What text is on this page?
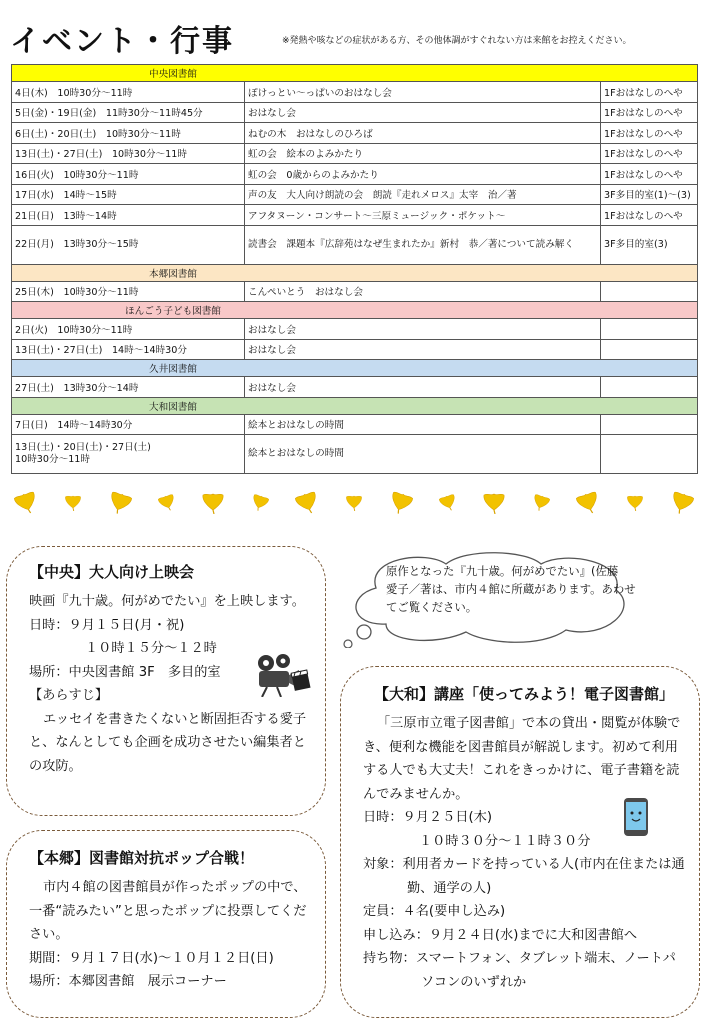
イベント・行事	※発熱や咳などの症状がある方、その他体調がすぐれない方は来館をお控えください。
中央図書館		
4日(木)　10時30分～11時	ぽけっとい～っぱいのおはなし会	1Fおはなしのへや
5日(金)・19日(金)　11時30分～11時45分	おはなし会	1Fおはなしのへや
6日(土)・20日(土)　10時30分～11時	ねむの木　おはなしのひろば	1Fおはなしのへや
13日(土)・27日(土)　10時30分～11時	虹の会　絵本のよみかたり	1Fおはなしのへや
16日(火)　10時30分～11時	虹の会　0歳からのよみかたり	1Fおはなしのへや
17日(水)　14時～15時	声の友　大人向け朗読の会　朗読『走れメロス』太宰　治／著	3F多目的室(1)～(3)
21日(日)　13時～14時	アフタヌーン・コンサート～三原ミュージック・ポケット～	1Fおはなしのへや
22日(月)　13時30分～15時	読書会　課題本『広辞苑はなぜ生まれたか』新村　恭／著について読み解く	3F多目的室(3)
本郷図書館		
25日(木)　10時30分～11時	こんぺいとう　おはなし会	
ほんごう子ども図書館		
2日(火)　10時30分～11時	おはなし会	
13日(土)・27日(土)　14時～14時30分	おはなし会	
久井図書館		
27日(土)　13時30分～14時	おはなし会	
大和図書館		
7日(日)　14時～14時30分	絵本とおはなしの時間	
13日(土)・20日(土)・27日(土)
10時30分～11時	絵本とおはなしの時間	
【中央】大人向け上映会

映画『九十歳。何がめでたい』を上映します。

日時：９月１５日(月・祝)

１０時１５分～１２時

場所：中央図書館 3F　多目的室

【あらすじ】

エッセイを書きたくないと断固拒否する愛子と、なんとしても企画を成功させたい編集者との攻防。

原作となった『九十歳。何がめでたい』(佐藤　愛子／著は、市内４館に所蔵があります。あわせてご覧ください。
【大和】講座「使ってみよう！電子図書館」

「三原市立電子図書館」で本の貸出・閲覧が体験でき、便利な機能を図書館員が解説します。初めて利用する人でも大丈夫！これをきっかけに、電子書籍を読んでみませんか。

日時：９月２５日(木)

１０時３０分～１１時３０分

対象：利用者カードを持っている人(市内在住または通勤、通学の人)

定員：４名(要申し込み)

申し込み：９月２４日(水)までに大和図書館へ

持ち物：スマートフォン、タブレット端末、ノートパソコンのいずれか

【本郷】図書館対抗ポップ合戦！

市内４館の図書館員が作ったポップの中で、一番“読みたい”と思ったポップに投票してください。

期間：９月１７日(水)～１０月１２日(日)

場所：本郷図書館　展示コーナー
